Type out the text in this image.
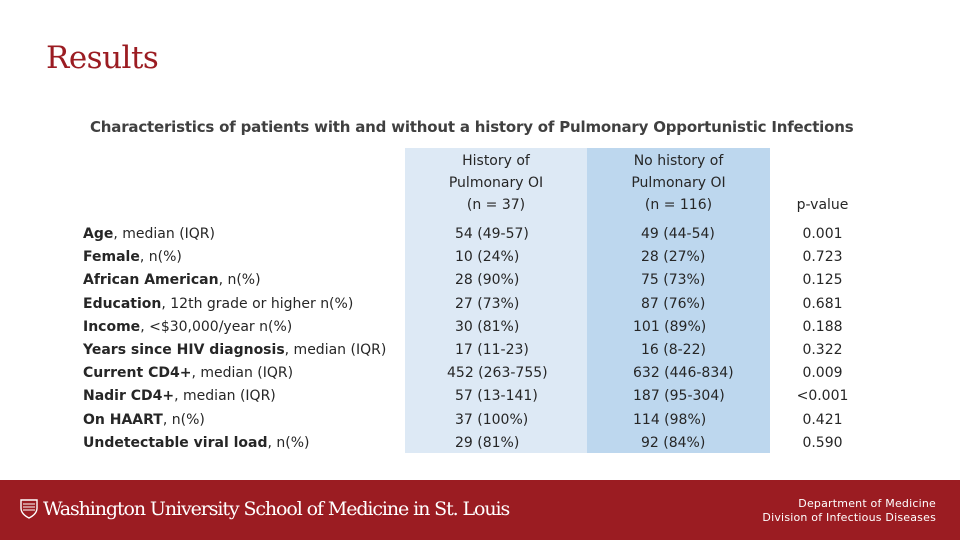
Results
Characteristics of patients with and without a history of Pulmonary Opportunistic Infections
History of
Pulmonary OI
(n = 37)
No history of
Pulmonary OI
(n = 116)	p-value
Age, median (IQR)
Female, n(%)
African American, n(%)
Education, 12th grade or higher n(%)
Income, <$30,000/year n(%)
Years since HIV diagnosis, median (IQR)
Current CD4+, median (IQR)
Nadir CD4+, median (IQR)
On HAART, n(%)
Undetectable viral load, n(%)
54 (49-57)
10 (24%)
28 (90%)
27 (73%)
30 (81%)
17 (11-23)
452 (263-755)
57 (13-141)
37 (100%)
29 (81%)
49 (44-54)
28 (27%)
75 (73%)
87 (76%)
101 (89%)
16 (8-22)
632 (446-834)
187 (95-304)
114 (98%)
92 (84%)
0.001
0.723
0.125
0.681
0.188
0.322
0.009
<0.001
0.421
0.590
Washington University School of Medicine in St. Louis	Department of Medicine
Division of Infectious Diseases
